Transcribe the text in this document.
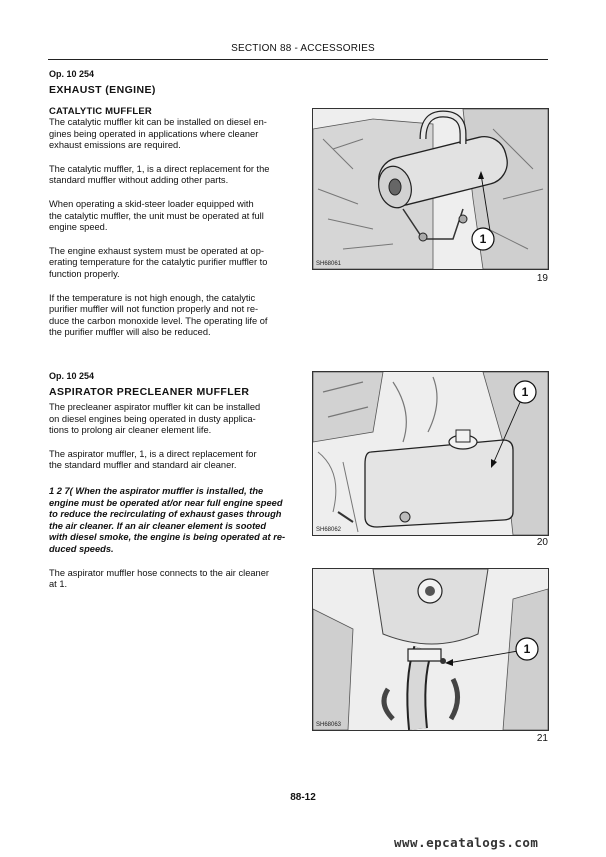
SECTION 88 - ACCESSORIES
Op. 10 254
EXHAUST (ENGINE)
CATALYTIC MUFFLER

The catalytic muffler kit can be installed on diesel en-
gines being operated in applications where cleaner
exhaust emissions are required.

The catalytic muffler, 1, is a direct replacement for the
standard muffler without adding other parts.

When operating a skid-steer loader equipped with
the catalytic muffler, the unit must be operated at full
engine speed.

The engine exhaust system must be operated at op-
erating temperature for the catalytic purifier muffler to
function properly.

If the temperature is not high enough, the catalytic
purifier muffler will not function properly and not re-
duce the carbon monoxide level. The operating life of
the purifier muffler will also be reduced.

1
SH68061
19
Op. 10 254
ASPIRATOR PRECLEANER MUFFLER

The precleaner aspirator muffler kit can be installed
on diesel engines being operated in dusty applica-
tions to prolong air cleaner element life.

The aspirator muffler, 1, is a direct replacement for
the standard muffler and standard air cleaner.

1 2 7( When the aspirator muffler is installed, the
engine must be operated at/or near full engine speed
to reduce the recirculating of exhaust gases through
the air cleaner. If an air cleaner element is sooted
with diesel smoke, the engine is being operated at re-
duced speeds.

The aspirator muffler hose connects to the air cleaner
at 1.

1
SH68062
20
1
SH68063
21
88-12
www.epcatalogs.com
